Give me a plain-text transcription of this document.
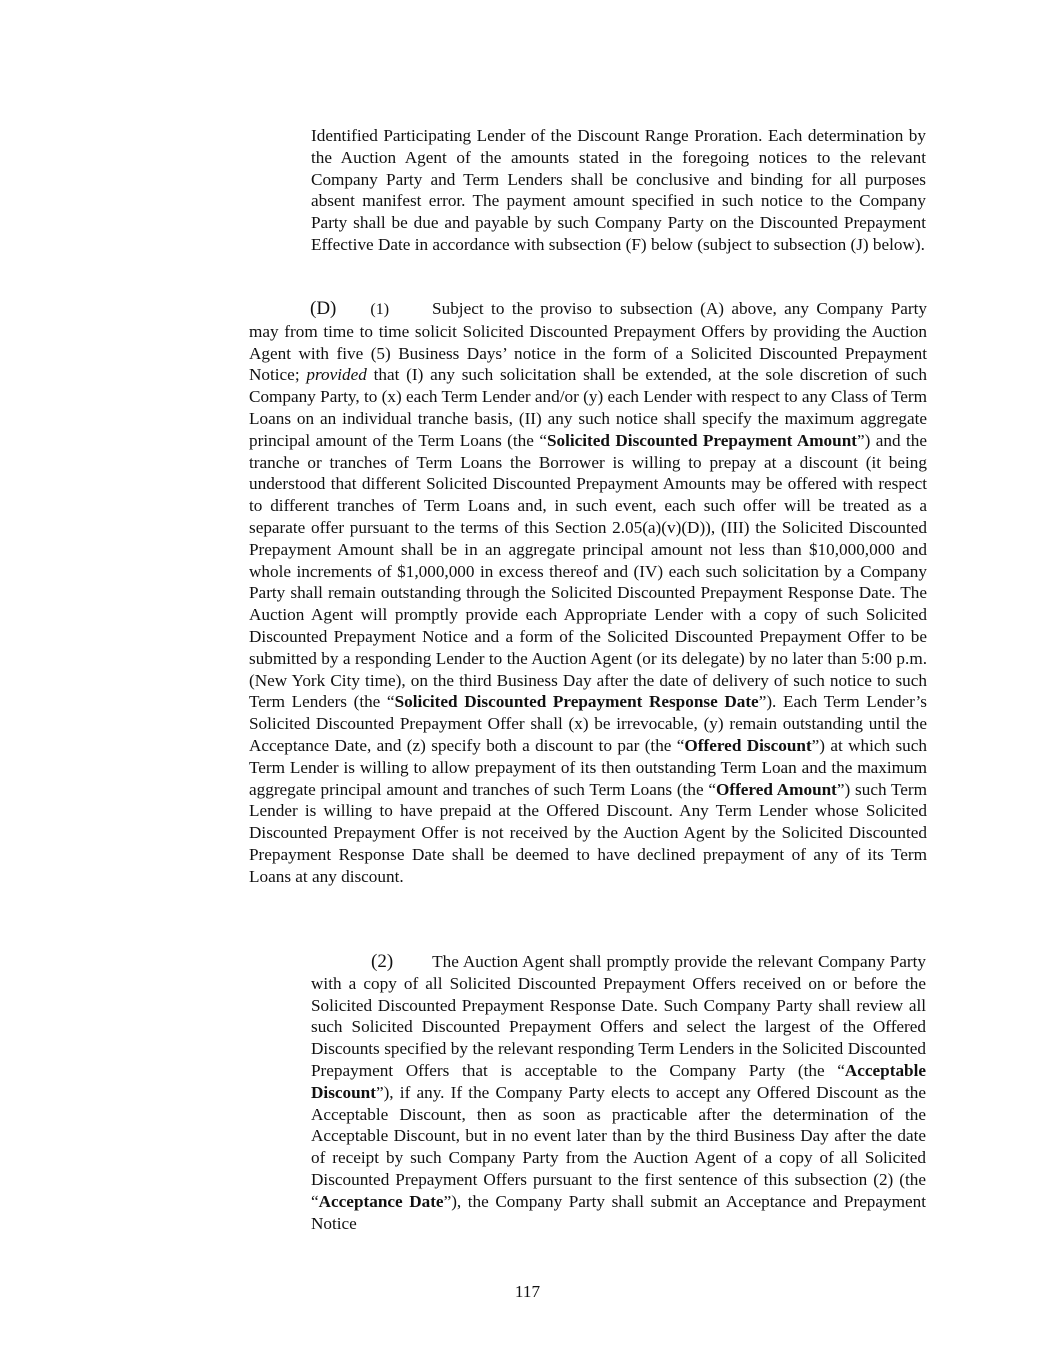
Identified Participating Lender of the Discount Range Proration. Each determination by the Auction Agent of the amounts stated in the foregoing notices to the relevant Company Party and Term Lenders shall be conclusive and binding for all purposes absent manifest error. The payment amount specified in such notice to the Company Party shall be due and payable by such Company Party on the Discounted Prepayment Effective Date in accordance with subsection (F) below (subject to subsection (J) below).

(D) (1)	Subject to the proviso to subsection (A) above, any Company Party may from time to time solicit Solicited Discounted Prepayment Offers by providing the Auction Agent with five (5) Business Days’ notice in the form of a Solicited Discounted Prepayment Notice; provided that (I) any such solicitation shall be extended, at the sole discretion of such Company Party, to (x) each Term Lender and/or (y) each Lender with respect to any Class of Term Loans on an individual tranche basis, (II) any such notice shall specify the maximum aggregate principal amount of the Term Loans (the “Solicited Discounted Prepayment Amount”) and the tranche or tranches of Term Loans the Borrower is willing to prepay at a discount (it being understood that different Solicited Discounted Prepayment Amounts may be offered with respect to different tranches of Term Loans and, in such event, each such offer will be treated as a separate offer pursuant to the terms of this Section 2.05(a)(v)(D)), (III) the Solicited Discounted Prepayment Amount shall be in an aggregate principal amount not less than $10,000,000 and whole increments of $1,000,000 in excess thereof and (IV) each such solicitation by a Company Party shall remain outstanding through the Solicited Discounted Prepayment Response Date. The Auction Agent will promptly provide each Appropriate Lender with a copy of such Solicited Discounted Prepayment Notice and a form of the Solicited Discounted Prepayment Offer to be submitted by a responding Lender to the Auction Agent (or its delegate) by no later than 5:00 p.m. (New York City time), on the third Business Day after the date of delivery of such notice to such Term Lenders (the “Solicited Discounted Prepayment Response Date”). Each Term Lender’s Solicited Discounted Prepayment Offer shall (x) be irrevocable, (y) remain outstanding until the Acceptance Date, and (z) specify both a discount to par (the “Offered Discount”) at which such Term Lender is willing to allow prepayment of its then outstanding Term Loan and the maximum aggregate principal amount and tranches of such Term Loans (the “Offered Amount”) such Term Lender is willing to have prepaid at the Offered Discount. Any Term Lender whose Solicited Discounted Prepayment Offer is not received by the Auction Agent by the Solicited Discounted Prepayment Response Date shall be deemed to have declined prepayment of any of its Term Loans at any discount.

(2) The Auction Agent shall promptly provide the relevant Company Party with a copy of all Solicited Discounted Prepayment Offers received on or before the Solicited Discounted Prepayment Response Date. Such Company Party shall review all such Solicited Discounted Prepayment Offers and select the largest of the Offered Discounts specified by the relevant responding Term Lenders in the Solicited Discounted Prepayment Offers that is acceptable to the Company Party (the “Acceptable Discount”), if any. If the Company Party elects to accept any Offered Discount as the Acceptable Discount, then as soon as practicable after the determination of the Acceptable Discount, but in no event later than by the third Business Day after the date of receipt by such Company Party from the Auction Agent of a copy of all Solicited Discounted Prepayment Offers pursuant to the first sentence of this subsection (2) (the “Acceptance Date”), the Company Party shall submit an Acceptance and Prepayment Notice

117
